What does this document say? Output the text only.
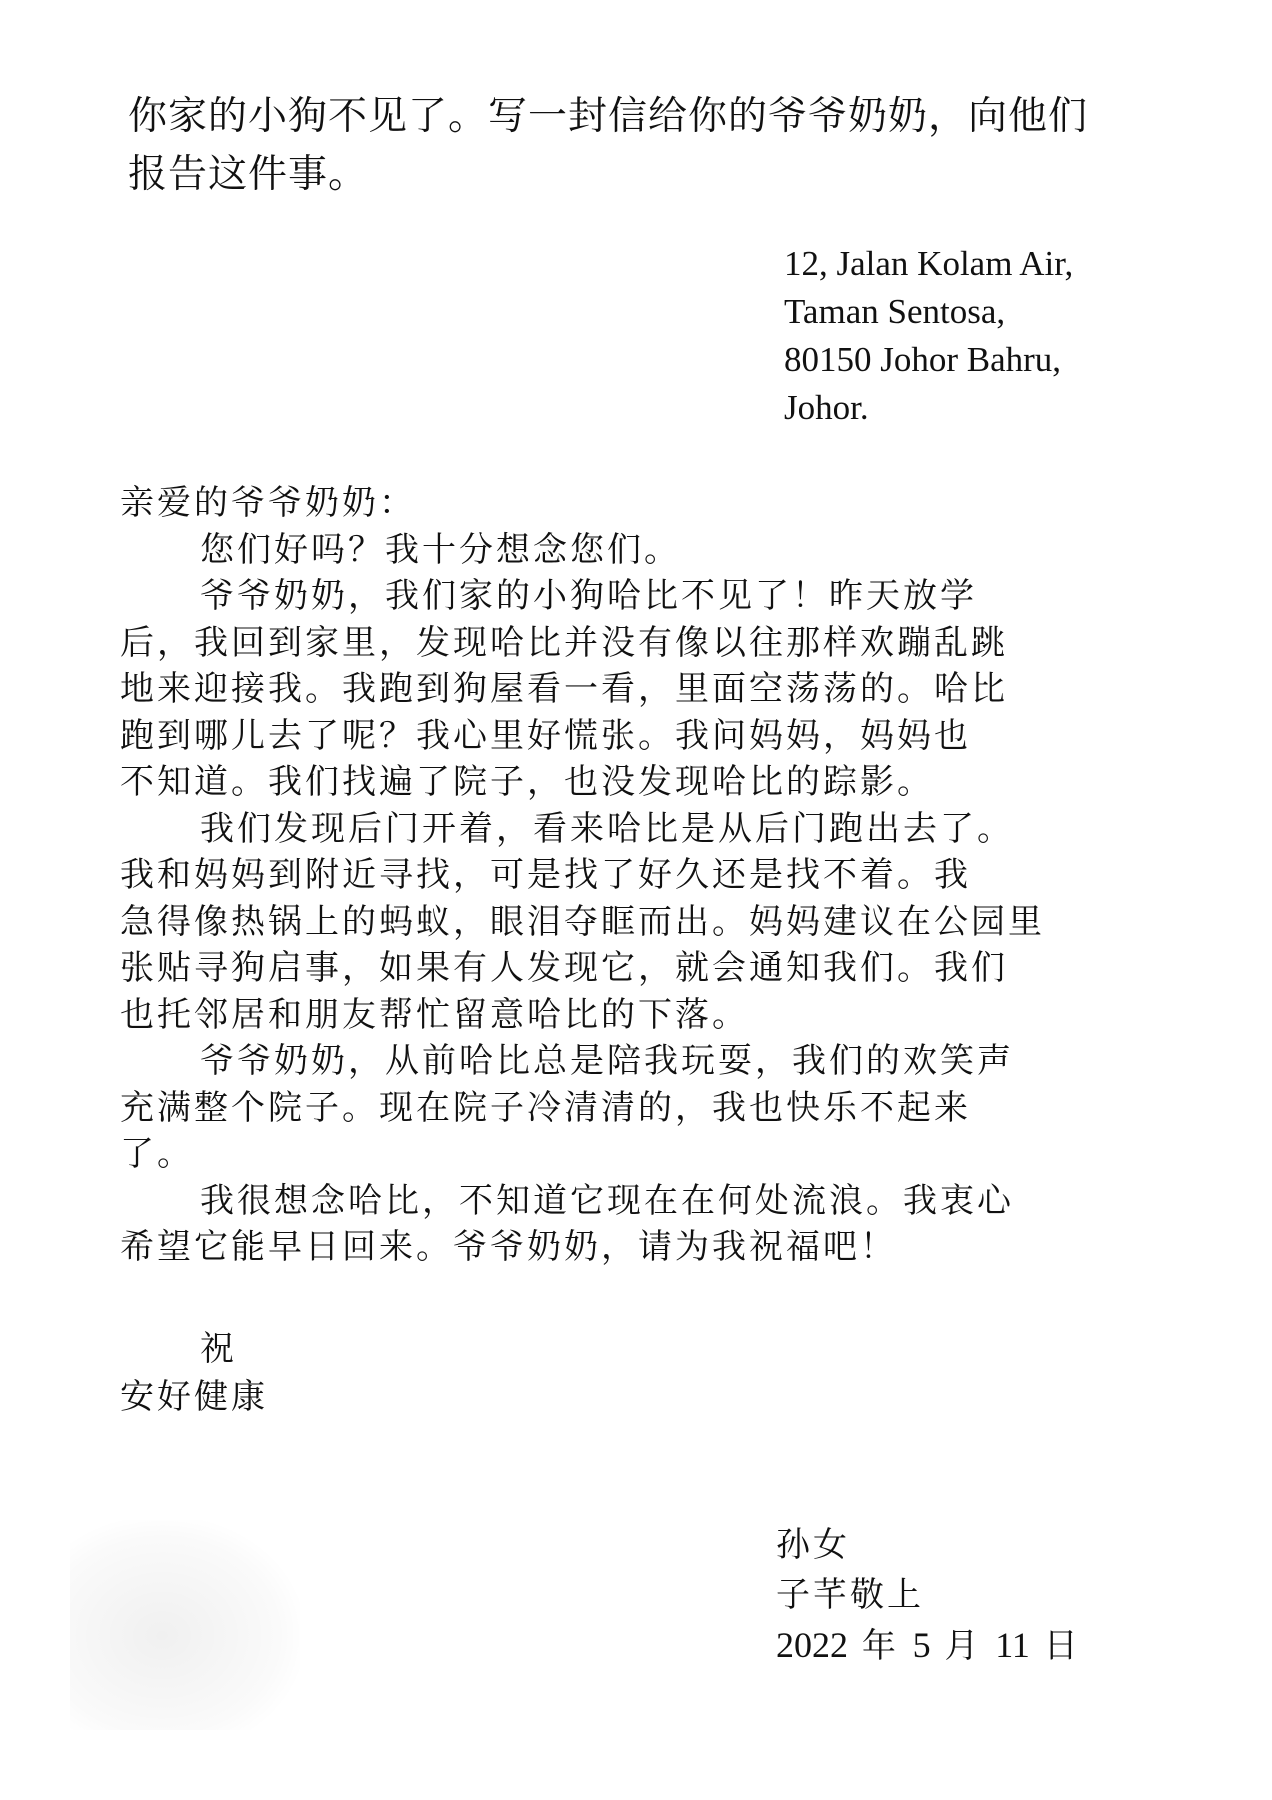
你家的小狗不见了。写一封信给你的爷爷奶奶，向他们
报告这件事。
12, Jalan Kolam Air,
Taman Sentosa,
80150 Johor Bahru,
Johor.
亲爱的爷爷奶奶：
您们好吗？我十分想念您们。
爷爷奶奶，我们家的小狗哈比不见了！昨天放学
后，我回到家里，发现哈比并没有像以往那样欢蹦乱跳
地来迎接我。我跑到狗屋看一看，里面空荡荡的。哈比
跑到哪儿去了呢？我心里好慌张。我问妈妈，妈妈也
不知道。我们找遍了院子，也没发现哈比的踪影。
我们发现后门开着，看来哈比是从后门跑出去了。
我和妈妈到附近寻找，可是找了好久还是找不着。我
急得像热锅上的蚂蚁，眼泪夺眶而出。妈妈建议在公园里
张贴寻狗启事，如果有人发现它，就会通知我们。我们
也托邻居和朋友帮忙留意哈比的下落。
爷爷奶奶，从前哈比总是陪我玩耍，我们的欢笑声
充满整个院子。现在院子冷清清的，我也快乐不起来
了。
我很想念哈比，不知道它现在在何处流浪。我衷心
希望它能早日回来。爷爷奶奶，请为我祝福吧！
祝
安好健康
孙女
子芊敬上
2022 年 5 月 11 日
